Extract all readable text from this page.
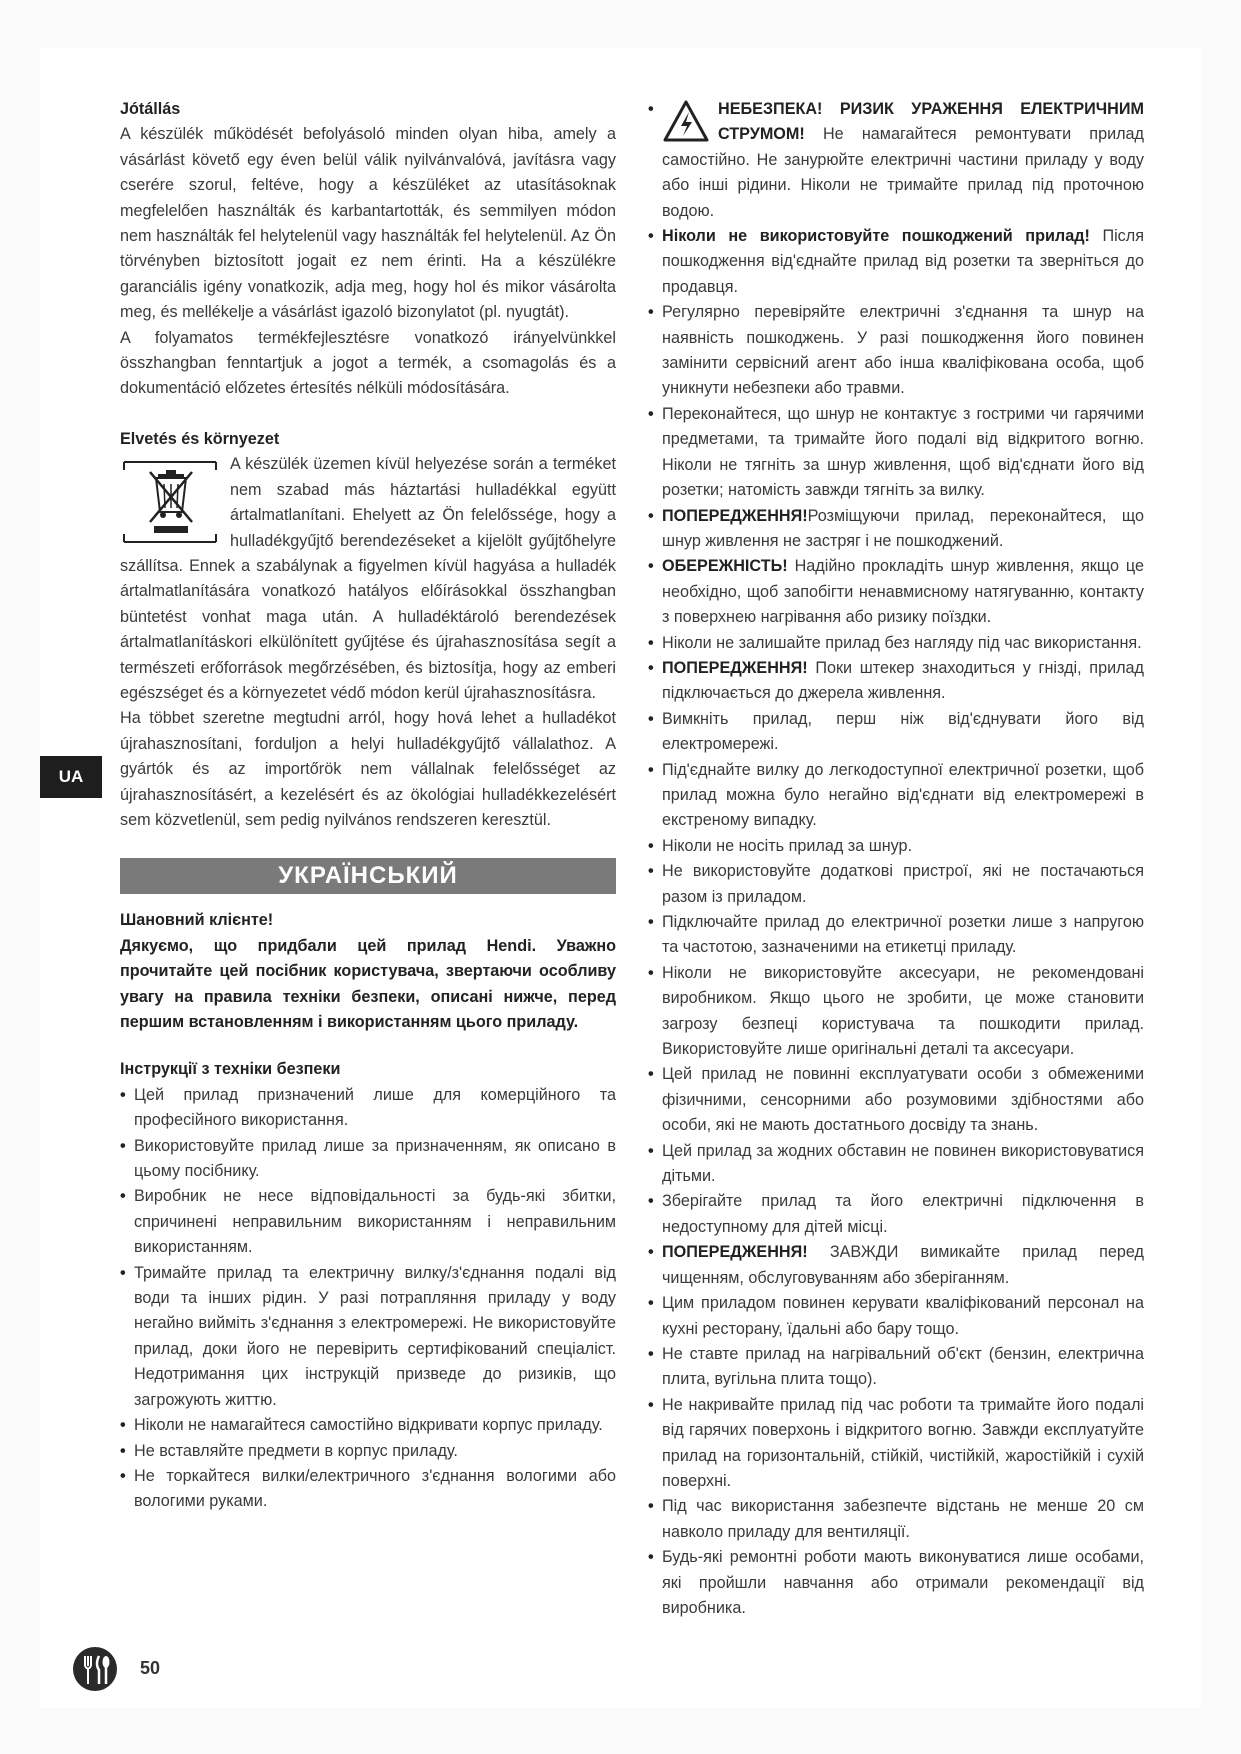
UA

Jótállás

A készülék működését befolyásoló minden olyan hiba, amely a vásárlást követő egy éven belül válik nyilvánvalóvá, javításra vagy cserére szorul, feltéve, hogy a készüléket az utasításoknak megfelelően használták és karbantartották, és semmilyen módon nem használták fel helytelenül vagy használták fel helytelenül. Az Ön törvényben biztosított jogait ez nem érinti. Ha a készülékre garanciális igény vonatkozik, adja meg, hogy hol és mikor vásárolta meg, és mellékelje a vásárlást igazoló bizonylatot (pl. nyugtát).

A folyamatos termékfejlesztésre vonatkozó irányelvünkkel összhangban fenntartjuk a jogot a termék, a csomagolás és a dokumentáció előzetes értesítés nélküli módosítására.

Elvetés és környezet

A készülék üzemen kívül helyezése során a terméket nem szabad más háztartási hulladékkal együtt ártalmatlanítani. Ehelyett az Ön felelőssége, hogy a hulladékgyűjtő berendezéseket a kijelölt gyűjtőhelyre szállítsa. Ennek a szabálynak a figyelmen kívül hagyása a hulladék ártalmatlanítására vonatkozó hatályos előírásokkal összhangban büntetést vonhat maga után. A hulladéktároló berendezések ártalmatlanításkori elkülönített gyűjtése és újrahasznosítása segít a természeti erőforrások megőrzésében, és biztosítja, hogy az emberi egészséget és a környezetet védő módon kerül újrahasznosításra.

Ha többet szeretne megtudni arról, hogy hová lehet a hulladékot újrahasznosítani, forduljon a helyi hulladékgyűjtő vállalathoz. A gyártók és az importőrök nem vállalnak felelősséget az újrahasznosításért, a kezelésért és az ökológiai hulladékkezelésért sem közvetlenül, sem pedig nyilvános rendszeren keresztül.

УКРАЇНСЬКИЙ

Шановний клієнте!

Дякуємо, що придбали цей прилад Hendi. Уважно прочитайте цей посібник користувача, звертаючи особливу увагу на правила техніки безпеки, описані нижче, перед першим встановленням і використанням цього приладу.

Інструкції з техніки безпеки

• Цей прилад призначений лише для комерційного та професійного використання.
• Використовуйте прилад лише за призначенням, як описано в цьому посібнику.
• Виробник не несе відповідальності за будь-які збитки, спричинені неправильним використанням і неправильним використанням.
• Тримайте прилад та електричну вилку/з'єднання подалі від води та інших рідин. У разі потрапляння приладу у воду негайно вийміть з'єднання з електромережі. Не використовуйте прилад, доки його не перевірить сертифікований спеціаліст. Недотримання цих інструкцій призведе до ризиків, що загрожують життю.
• Ніколи не намагайтеся самостійно відкривати корпус приладу.
• Не вставляйте предмети в корпус приладу.
• Не торкайтеся вилки/електричного з'єднання вологими або вологими руками.
• НЕБЕЗПЕКА! РИЗИК УРАЖЕННЯ ЕЛЕКТРИЧНИМ СТРУМОМ! Не намагайтеся ремонтувати прилад самостійно. Не занурюйте електричні частини приладу у воду або інші рідини. Ніколи не тримайте прилад під проточною водою.
• Ніколи не використовуйте пошкоджений прилад! Після пошкодження від'єднайте прилад від розетки та зверніться до продавця.
• Регулярно перевіряйте електричні з'єднання та шнур на наявність пошкоджень. У разі пошкодження його повинен замінити сервісний агент або інша кваліфікована особа, щоб уникнути небезпеки або травми.
• Переконайтеся, що шнур не контактує з гострими чи гарячими предметами, та тримайте його подалі від відкритого вогню. Ніколи не тягніть за шнур живлення, щоб від'єднати його від розетки; натомість завжди тягніть за вилку.
• ПОПЕРЕДЖЕННЯ!Розміщуючи прилад, переконайтеся, що шнур живлення не застряг і не пошкоджений.
• ОБЕРЕЖНІСТЬ! Надійно прокладіть шнур живлення, якщо це необхідно, щоб запобігти ненавмисному натягуванню, контакту з поверхнею нагрівання або ризику поїздки.
• Ніколи не залишайте прилад без нагляду під час використання.
• ПОПЕРЕДЖЕННЯ! Поки штекер знаходиться у гнізді, прилад підключається до джерела живлення.
• Вимкніть прилад, перш ніж від'єднувати його від електромережі.
• Під'єднайте вилку до легкодоступної електричної розетки, щоб прилад можна було негайно від'єднати від електромережі в екстреному випадку.
• Ніколи не носіть прилад за шнур.
• Не використовуйте додаткові пристрої, які не постачаються разом із приладом.
• Підключайте прилад до електричної розетки лише з напругою та частотою, зазначеними на етикетці приладу.
• Ніколи не використовуйте аксесуари, не рекомендовані виробником. Якщо цього не зробити, це може становити загрозу безпеці користувача та пошкодити прилад. Використовуйте лише оригінальні деталі та аксесуари.
• Цей прилад не повинні експлуатувати особи з обмеженими фізичними, сенсорними або розумовими здібностями або особи, які не мають достатнього досвіду та знань.
• Цей прилад за жодних обставин не повинен використовуватися дітьми.
• Зберігайте прилад та його електричні підключення в недоступному для дітей місці.
• ПОПЕРЕДЖЕННЯ! ЗАВЖДИ вимикайте прилад перед чищенням, обслуговуванням або зберіганням.
• Цим приладом повинен керувати кваліфікований персонал на кухні ресторану, їдальні або бару тощо.
• Не ставте прилад на нагрівальний об'єкт (бензин, електрична плита, вугільна плита тощо).
• Не накривайте прилад під час роботи та тримайте його подалі від гарячих поверхонь і відкритого вогню. Завжди експлуатуйте прилад на горизонтальній, стійкій, чистійкій, жаростійкій і сухій поверхні.
• Під час використання забезпечте відстань не менше 20 см навколо приладу для вентиляції.
• Будь-які ремонтні роботи мають виконуватися лише особами, які пройшли навчання або отримали рекомендації від виробника.
50
